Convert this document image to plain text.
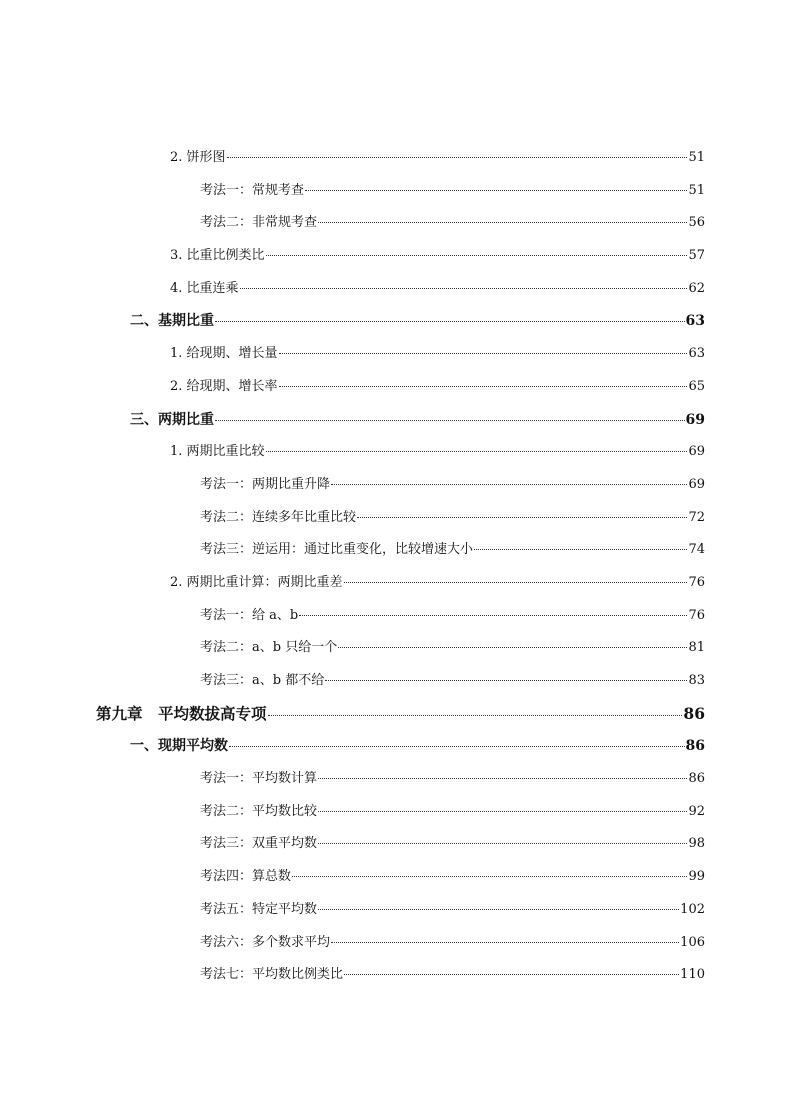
2. 饼形图	51
考法一：常规考查	51
考法二：非常规考查	56
3. 比重比例类比	57
4. 比重连乘	62
二、基期比重	63
1. 给现期、增长量	63
2. 给现期、增长率	65
三、两期比重	69
1. 两期比重比较	69
考法一：两期比重升降	69
考法二：连续多年比重比较	72
考法三：逆运用：通过比重变化，比较增速大小	74
2. 两期比重计算：两期比重差	76
考法一：给 a、b	76
考法二：a、b 只给一个	81
考法三：a、b 都不给	83
第九章　平均数拔高专项	86
一、现期平均数	86
考法一：平均数计算	86
考法二：平均数比较	92
考法三：双重平均数	98
考法四：算总数	99
考法五：特定平均数	102
考法六：多个数求平均	106
考法七：平均数比例类比	110
